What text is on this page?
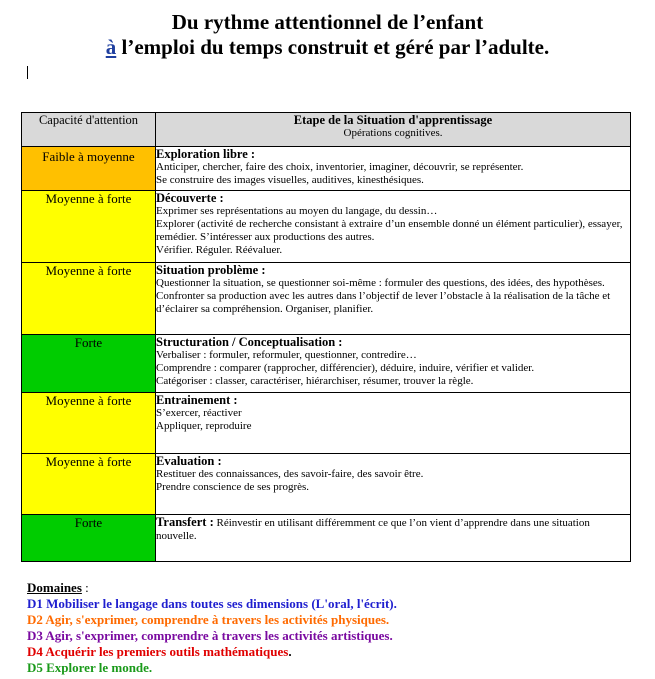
Du rythme attentionnel de l’enfant
à l’emploi du temps construit et géré par l’adulte.
Capacité d'attention	Etape de la Situation d'apprentissage
Opérations cognitives.

Faible à moyenne	Exploration libre :
Anticiper, chercher, faire des choix, inventorier, imaginer, découvrir, se représenter.
Se construire des images visuelles, auditives, kinesthésiques.

Moyenne à forte	Découverte :
Exprimer ses représentations au moyen du langage, du dessin…
Explorer (activité de recherche consistant à extraire d’un ensemble donné un élément particulier), essayer, remédier. S’intéresser aux productions des autres.
Vérifier. Réguler. Réévaluer.

Moyenne à forte	Situation problème :
Questionner la situation, se questionner soi-même : formuler des questions, des idées, des hypothèses.
Confronter sa production avec les autres dans l’objectif de lever l’obstacle à la réalisation de la tâche et d’éclairer sa compréhension. Organiser, planifier.

Forte	Structuration / Conceptualisation :
Verbaliser : formuler, reformuler, questionner, contredire…
Comprendre : comparer (rapprocher, différencier), déduire, induire, vérifier et valider.
Catégoriser : classer, caractériser, hiérarchiser, résumer, trouver la règle.

Moyenne à forte	Entrainement :
S’exercer, réactiver
Appliquer, reproduire

Moyenne à forte	Evaluation :
Restituer des connaissances, des savoir-faire, des savoir être.
Prendre conscience de ses progrès.

Forte	Transfert : Réinvestir en utilisant différemment ce que l’on vient d’apprendre dans une situation nouvelle.
Domaines :
D1 Mobiliser le langage dans toutes ses dimensions (L'oral, l'écrit).
D2 Agir, s'exprimer, comprendre à travers les activités physiques.
D3 Agir, s'exprimer, comprendre à travers les activités artistiques.
D4 Acquérir les premiers outils mathématiques.
D5 Explorer le monde.
